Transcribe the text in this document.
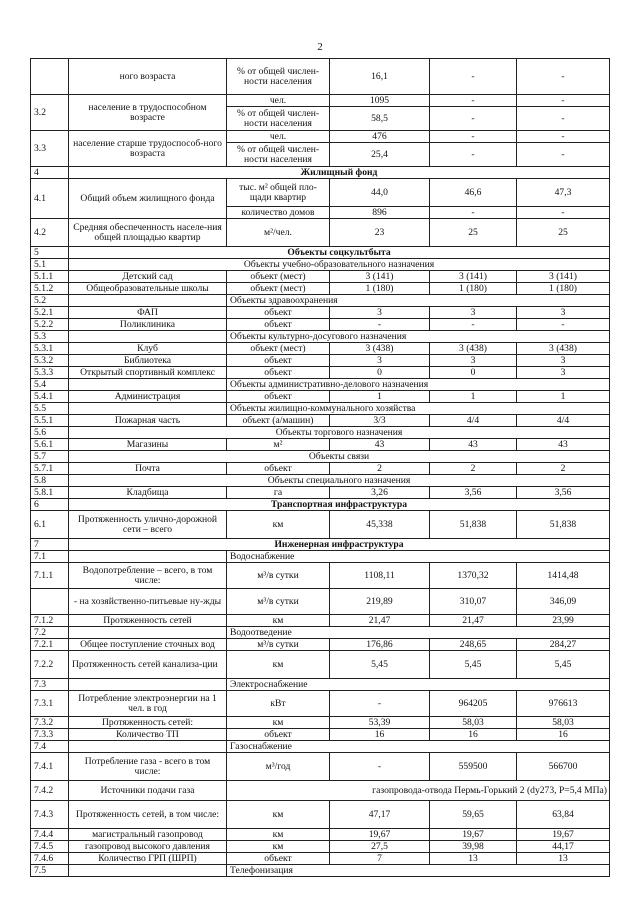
2
	ного возраста	% от общей числен-ности населения	16,1	-	-
3.2	население в трудоспособном возрасте	чел.	1095	-	-
		% от общей числен-ности населения	58,5	-	-
3.3	население старше трудоспособ-ного возраста	чел.	476	-	-
		% от общей числен-ности населения	25,4	-	-
4	Жилищный фонд				
4.1	Общий объем жилищного фонда	тыс. м² общей пло-щади квартир	44,0	46,6	47,3
		количество домов	896	-	-
4.2	Средняя обеспеченность населе-ния общей площадью квартир	м²/чел.	23	25	25
5	Объекты соцкультбыта				
5.1	Объекты учебно-образовательного назначения				
5.1.1	Детский сад	объект (мест)	3 (141)	3 (141)	3 (141)
5.1.2	Общеобразовательные школы	объект (мест)	1 (180)	1 (180)	1 (180)
5.2		Объекты здравоохранения			
5.2.1	ФАП	объект	3	3	3
5.2.2	Поликлиника	объект	-	-	-
5.3		Объекты культурно-досугового назначения			
5.3.1	Клуб	объект (мест)	3 (438)	3 (438)	3 (438)
5.3.2	Библиотека	объект	3	3	3
5.3.3	Открытый спортивный комплекс	объект	0	0	3
5.4		Объекты административно-делового назначения			
5.4.1	Администрация	объект	1	1	1
5.5		Объекты жилищно-коммунального хозяйства			
5.5.1	Пожарная часть	объект (а/машин)	3/3	4/4	4/4
5.6	Объекты торгового назначения				
5.6.1	Магазины	м²	43	43	43
5.7	Объекты связи				
5.7.1	Почта	объект	2	2	2
5.8	Объекты специального назначения				
5.8.1	Кладбища	га	3,26	3,56	3,56
6	Транспортная инфраструктура				
6.1	Протяженность улично-дорожной сети – всего	км	45,338	51,838	51,838
7	Инженерная инфраструктура				
7.1		Водоснабжение			
7.1.1	Водопотребление – всего, в том числе:	м³/в сутки	1108,11	1370,32	1414,48
	- на хозяйственно-питьевые ну-жды	м³/в сутки	219,89	310,07	346,09
7.1.2	Протяженность сетей	км	21,47	21,47	23,99
7.2		Водоотведение			
7.2.1	Общее поступление сточных вод	м³/в сутки	176,86	248,65	284,27
7.2.2	Протяженность сетей канализа-ции	км	5,45	5,45	5,45
7.3		Электроснабжение			
7.3.1	Потребление электроэнергии на 1 чел. в год	кВт	-	964205	976613
7.3.2	Протяженность сетей:	км	53,39	58,03	58,03
7.3.3	Количество ТП	объект	16	16	16
7.4		Газоснабжение			
7.4.1	Потребление газа - всего в том числе:	м³/год	-	559500	566700
7.4.2	Источники подачи газа	газопровода-отвода Пермь-Горький 2 (dy273, P=5,4 МПа)			
7.4.3	Протяженность сетей, в том числе:	км	47,17	59,65	63,84
7.4.4	магистральный газопровод	км	19,67	19,67	19,67
7.4.5	газопровод высокого давления	км	27,5	39,98	44,17
7.4.6	Количество ГРП (ШРП)	объект	7	13	13
7.5		Телефонизация			
